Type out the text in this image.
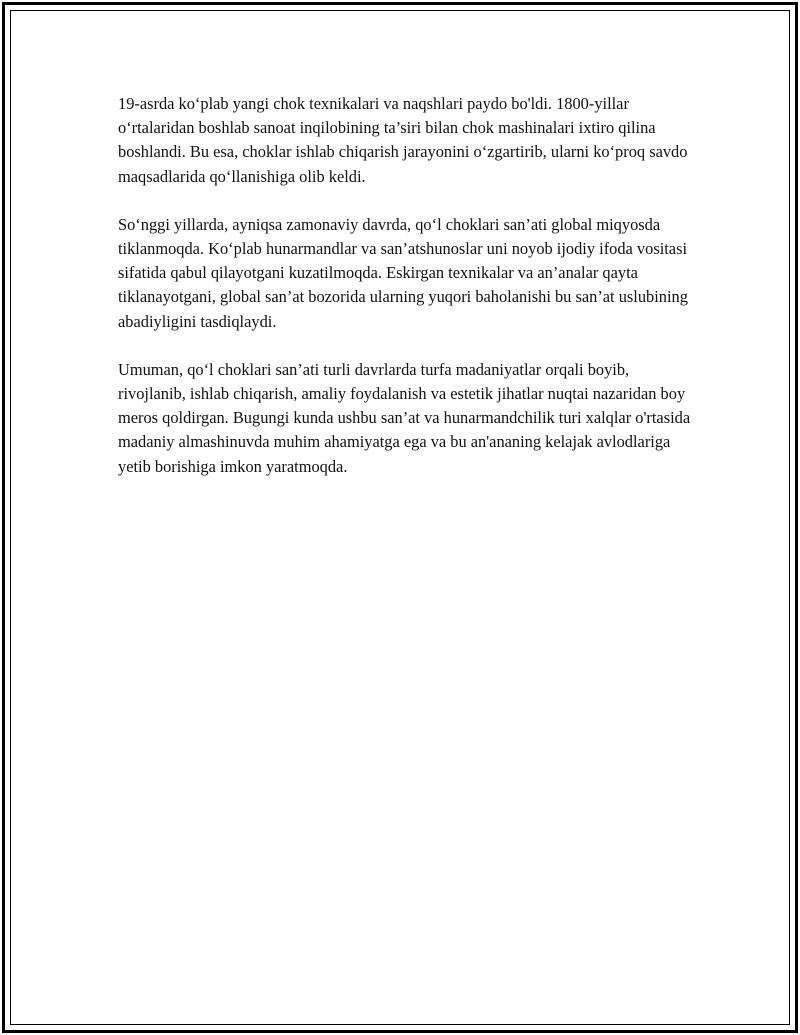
19-asrda ko‘plab yangi chok texnikalari va naqshlari paydo bo'ldi. 1800-yillar o‘rtalaridan boshlab sanoat inqilobining ta’siri bilan chok mashinalari ixtiro qilina boshlandi. Bu esa, choklar ishlab chiqarish jarayonini o‘zgartirib, ularni ko‘proq savdo maqsadlarida qo‘llanishiga olib keldi.

So‘nggi yillarda, ayniqsa zamonaviy davrda, qo‘l choklari san’ati global miqyosda tiklanmoqda. Ko‘plab hunarmandlar va san’atshunoslar uni noyob ijodiy ifoda vositasi sifatida qabul qilayotgani kuzatilmoqda. Eskirgan texnikalar va an’analar qayta tiklanayotgani, global san’at bozorida ularning yuqori baholanishi bu san’at uslubining abadiyligini tasdiqlaydi.

Umuman, qo‘l choklari san’ati turli davrlarda turfa madaniyatlar orqali boyib, rivojlanib, ishlab chiqarish, amaliy foydalanish va estetik jihatlar nuqtai nazaridan boy meros qoldirgan. Bugungi kunda ushbu san’at va hunarmandchilik turi xalqlar o'rtasida madaniy almashinuvda muhim ahamiyatga ega va bu an'ananing kelajak avlodlariga yetib borishiga imkon yaratmoqda.
